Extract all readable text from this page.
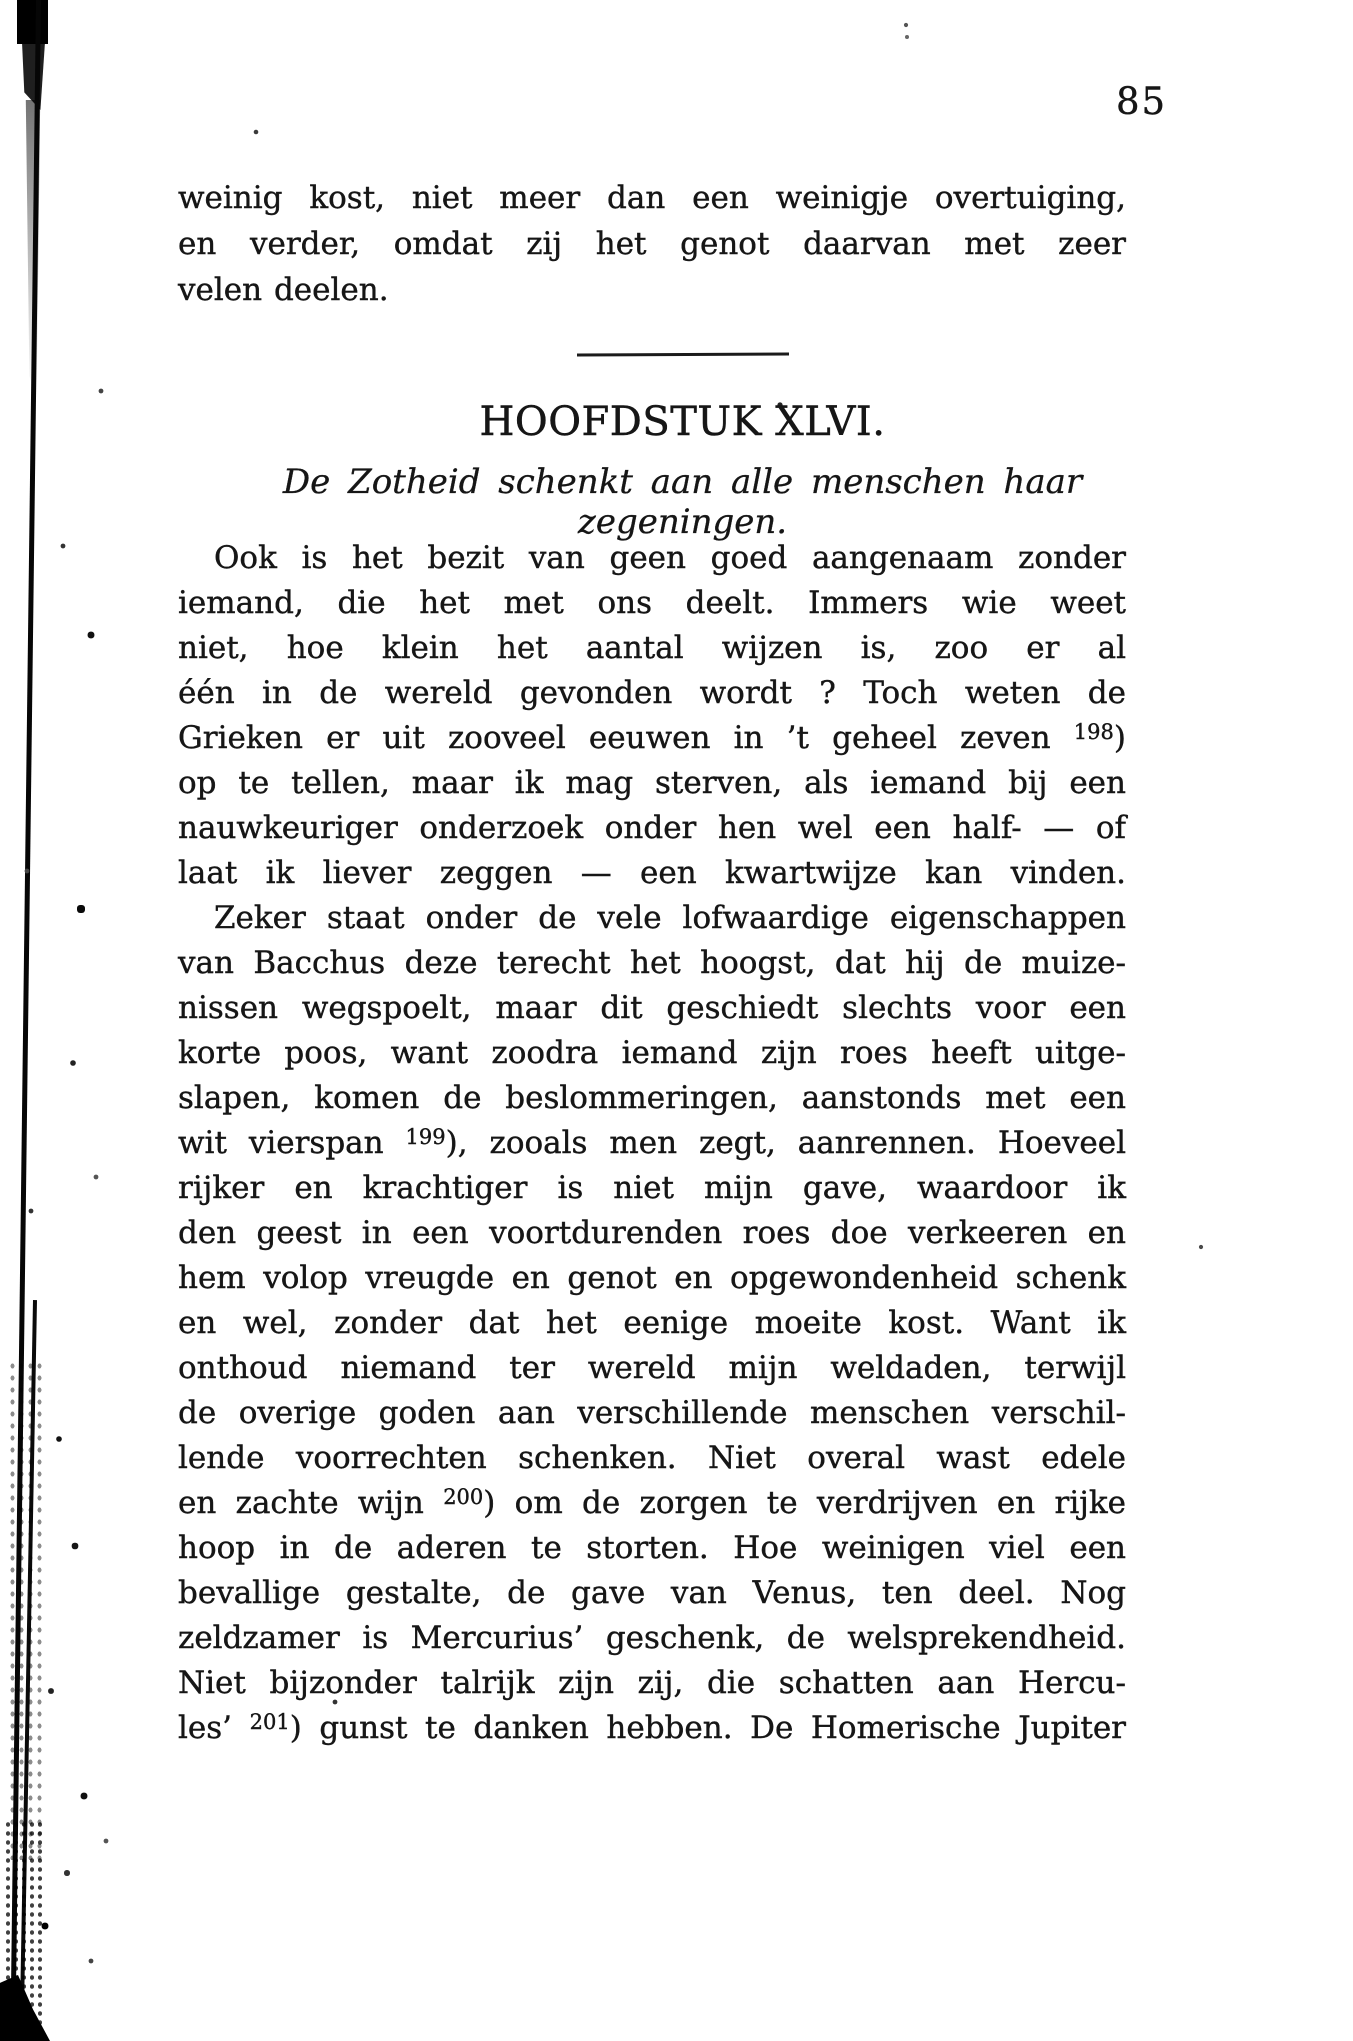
85
weinig kost, niet meer dan een weinigje overtuiging,
en verder, omdat zij het genot daarvan met zeer
velen deelen.
HOOFDSTUK XLVI.
De Zotheid schenkt aan alle menschen haar zegeningen.
Ook is het bezit van geen goed aangenaam zonder
iemand, die het met ons deelt. Immers wie weet
niet, hoe klein het aantal wijzen is, zoo er al
één in de wereld gevonden wordt ? Toch weten de
Grieken er uit zooveel eeuwen in ’t geheel zeven $^{198}$)
op te tellen, maar ik mag sterven, als iemand bij een
nauwkeuriger onderzoek onder hen wel een half- — of
laat ik liever zeggen — een kwartwijze kan vinden.
Zeker staat onder de vele lofwaardige eigenschappen
van Bacchus deze terecht het hoogst, dat hij de muize-
nissen wegspoelt, maar dit geschiedt slechts voor een
korte poos, want zoodra iemand zijn roes heeft uitge-
slapen, komen de beslommeringen, aanstonds met een
wit vierspan $^{199}$), zooals men zegt, aanrennen. Hoeveel
rijker en krachtiger is niet mijn gave, waardoor ik
den geest in een voortdurenden roes doe verkeeren en
hem volop vreugde en genot en opgewondenheid schenk
en wel, zonder dat het eenige moeite kost. Want ik
onthoud niemand ter wereld mijn weldaden, terwijl
de overige goden aan verschillende menschen verschil-
lende voorrechten schenken. Niet overal wast edele
en zachte wijn $^{200}$) om de zorgen te verdrijven en rijke
hoop in de aderen te storten. Hoe weinigen viel een
bevallige gestalte, de gave van Venus, ten deel. Nog
zeldzamer is Mercurius’ geschenk, de welsprekendheid.
Niet bijzonder talrijk zijn zij, die schatten aan Hercu-
les’ $^{201}$) gunst te danken hebben. De Homerische Jupiter
